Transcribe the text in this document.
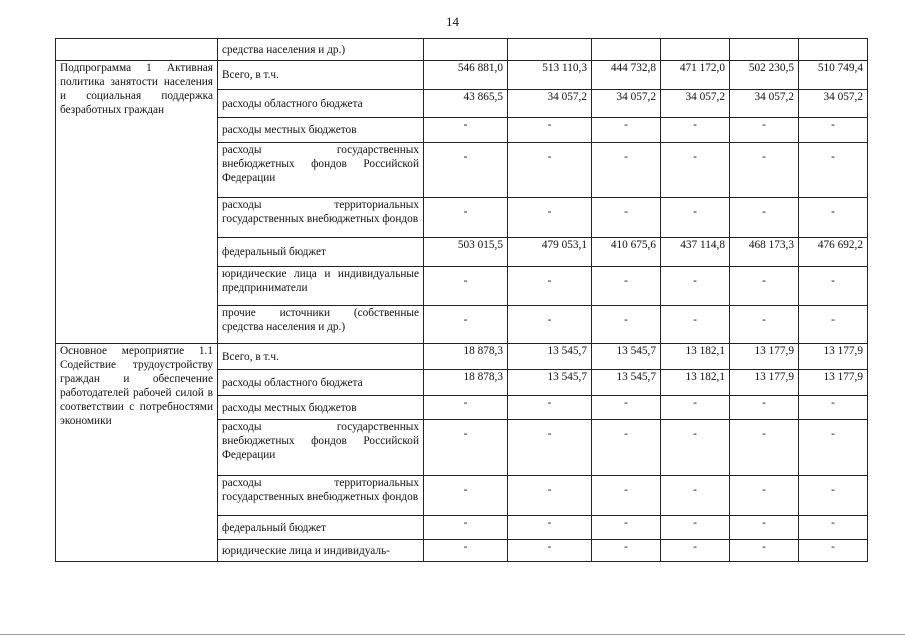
14
	средства населения и др.)						
Подпрограмма 1 Активная политика занятости населения и социальная поддержка безработных граждан	Всего, в т.ч.	546 881,0	513 110,3	444 732,8	471 172,0	502 230,5	510 749,4
	расходы областного бюджета	43 865,5	34 057,2	34 057,2	34 057,2	34 057,2	34 057,2
	расходы местных бюджетов	-	-	-	-	-	-
	расходы государственных внебюджетных фондов Российской Федерации	-	-	-	-	-	-
	расходы территориальных государственных внебюджетных фондов	-	-	-	-	-	-
	федеральный бюджет	503 015,5	479 053,1	410 675,6	437 114,8	468 173,3	476 692,2
	юридические лица и индивидуальные предприниматели	-	-	-	-	-	-
	прочие источники (собственные средства населения и др.)	-	-	-	-	-	-
Основное мероприятие 1.1 Содействие трудоустройству граждан и обеспечение работодателей рабочей силой в соответствии с потребностями экономики	Всего, в т.ч.	18 878,3	13 545,7	13 545,7	13 182,1	13 177,9	13 177,9
	расходы областного бюджета	18 878,3	13 545,7	13 545,7	13 182,1	13 177,9	13 177,9
	расходы местных бюджетов	-	-	-	-	-	-
	расходы государственных внебюджетных фондов Российской Федерации	-	-	-	-	-	-
	расходы территориальных государственных внебюджетных фондов	-	-	-	-	-	-
	федеральный бюджет	-	-	-	-	-	-
	юридические лица и индивидуаль-	-	-	-	-	-	-
